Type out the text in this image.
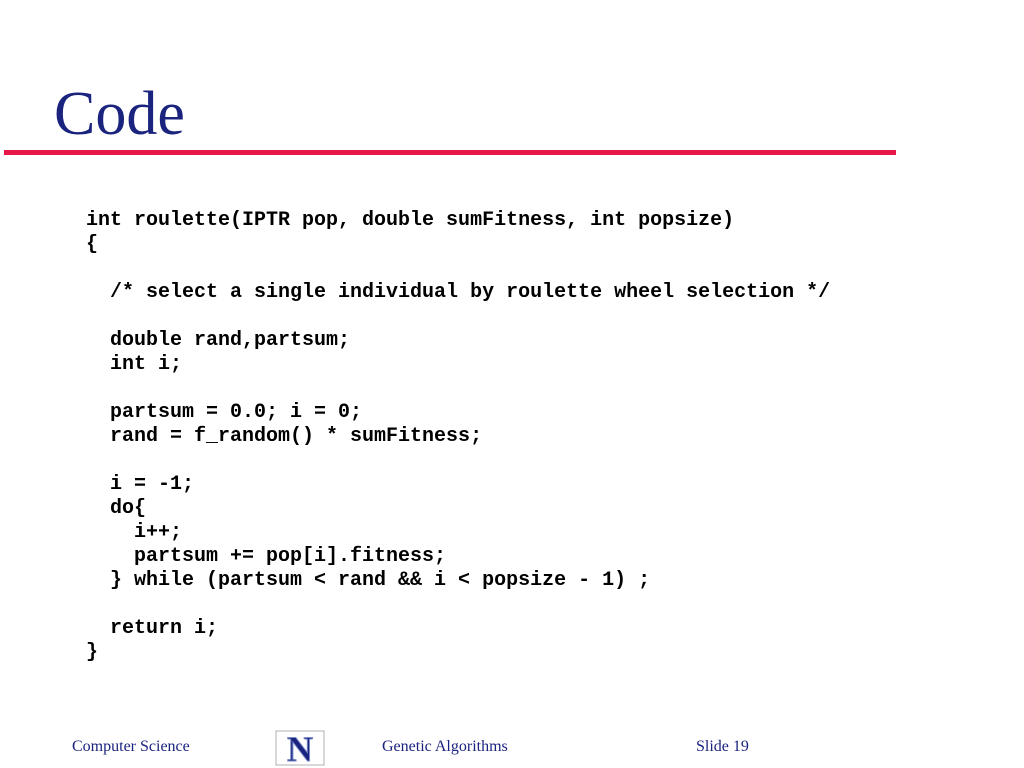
Code
int roulette(IPTR pop, double sumFitness, int popsize)
{
/* select a single individual by roulette wheel selection */
double rand,partsum;
int i;
partsum = 0.0; i = 0;
rand = f_random() * sumFitness;
i = -1;
do{
i++;
partsum += pop[i].fitness;
} while (partsum < rand && i < popsize - 1) ;
return i;
}
Computer Science	N	Genetic Algorithms	Slide 19
